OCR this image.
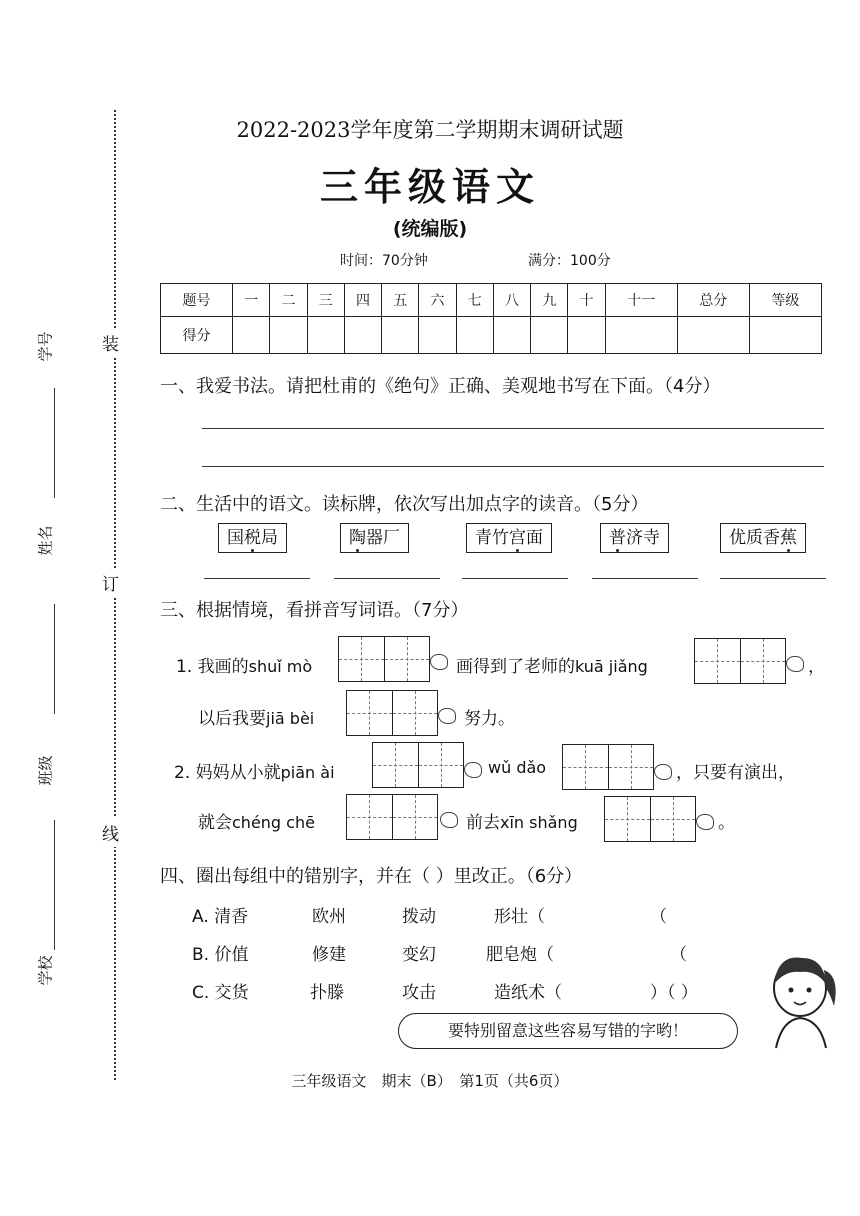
装
订
线
学号
姓名
班级
学校
2022-2023学年度第二学期期末调研试题
三年级语文
(统编版)
时间：70分钟	满分：100分
题号	一	二	三	四	五	六	七	八	九	十	十一	总分	等级
得分													
一、我爱书法。请把杜甫的《绝句》正确、美观地书写在下面。（4分）
二、生活中的语文。读标牌，依次写出加点字的读音。（5分）
国税局	陶器厂	青竹宫面	普济寺	优质香蕉
三、根据情境，看拼音写词语。（7分）
1. 我画的shuǐ mò	画得到了老师的kuā jiǎng	，
以后我要jiā bèi	努力。
2. 妈妈从小就piān ài	wǔ dǎo	，只要有演出，
就会chéng chē	前去xīn shǎng	。
四、圈出每组中的错别字，并在（ ）里改正。（6分）
A. 清香	欧州	拨动	形壮（	（
B. 价值	修建	变幻	肥皂炮（	（
C. 交货	扑滕	攻击	造纸术（	）（ ）
要特别留意这些容易写错的字哟！
三年级语文　期末（B）　第1页（共6页）
